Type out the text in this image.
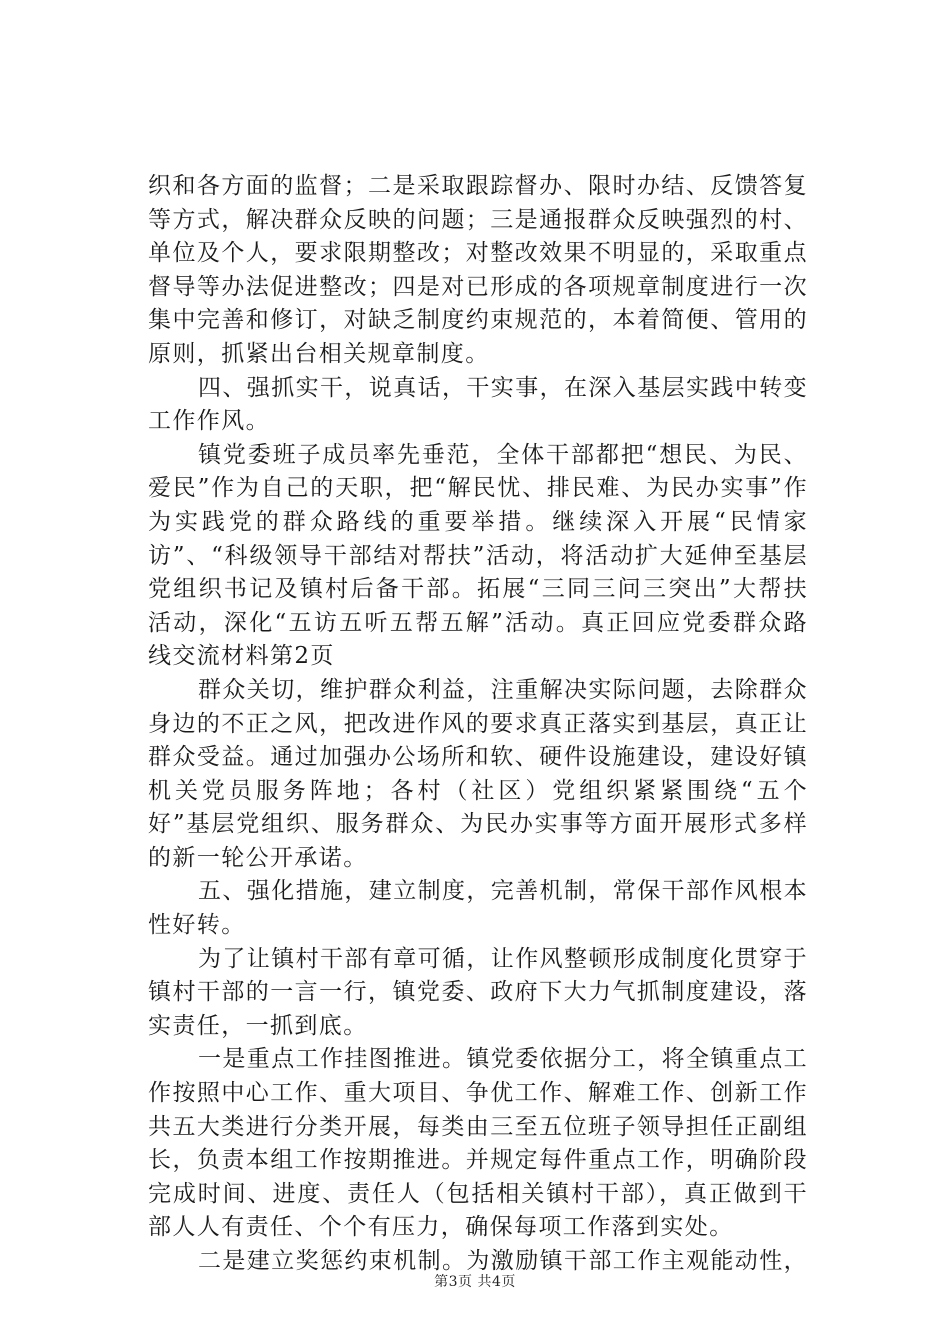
织和各方面的监督；二是采取跟踪督办、限时办结、反馈答复等方式，解决群众反映的问题；三是通报群众反映强烈的村、单位及个人，要求限期整改；对整改效果不明显的，采取重点督导等办法促进整改；四是对已形成的各项规章制度进行一次集中完善和修订，对缺乏制度约束规范的，本着简便、管用的原则，抓紧出台相关规章制度。

四、强抓实干，说真话，干实事，在深入基层实践中转变工作作风。

镇党委班子成员率先垂范，全体干部都把“想民、为民、爱民”作为自己的天职，把“解民忧、排民难、为民办实事”作为实践党的群众路线的重要举措。继续深入开展“民情家访”、“科级领导干部结对帮扶”活动，将活动扩大延伸至基层党组织书记及镇村后备干部。拓展“三同三问三突出”大帮扶活动，深化“五访五听五帮五解”活动。真正回应党委群众路线交流材料第2页

群众关切，维护群众利益，注重解决实际问题，去除群众身边的不正之风，把改进作风的要求真正落实到基层，真正让群众受益。通过加强办公场所和软、硬件设施建设，建设好镇机关党员服务阵地；各村（社区）党组织紧紧围绕“五个好”基层党组织、服务群众、为民办实事等方面开展形式多样的新一轮公开承诺。

五、强化措施，建立制度，完善机制，常保干部作风根本性好转。

为了让镇村干部有章可循，让作风整顿形成制度化贯穿于镇村干部的一言一行，镇党委、政府下大力气抓制度建设，落实责任，一抓到底。

一是重点工作挂图推进。镇党委依据分工，将全镇重点工作按照中心工作、重大项目、争优工作、解难工作、创新工作共五大类进行分类开展，每类由三至五位班子领导担任正副组长，负责本组工作按期推进。并规定每件重点工作，明确阶段完成时间、进度、责任人（包括相关镇村干部），真正做到干部人人有责任、个个有压力，确保每项工作落到实处。

二是建立奖惩约束机制。为激励镇干部工作主观能动性，

第3页 共4页
